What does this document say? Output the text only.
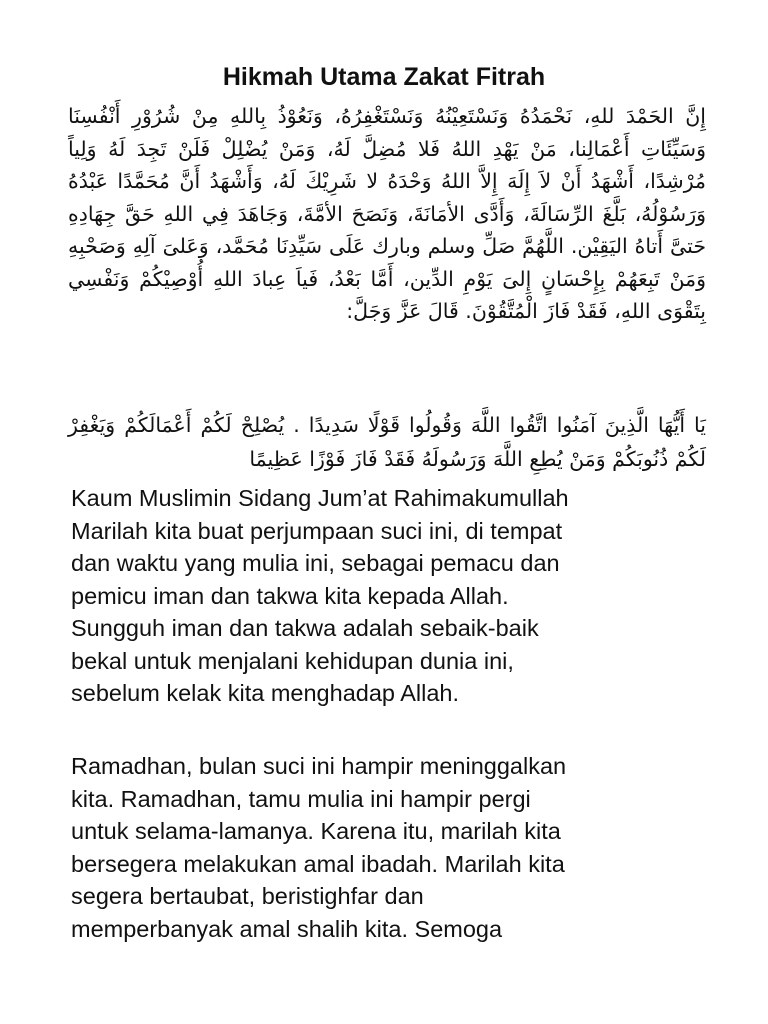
Hikmah Utama Zakat Fitrah

إِنَّ الحَمْدَ للهِ، نَحْمَدُهُ وَنَسْتَعِيْنُهُ وَنَسْتَغْفِرُهُ، وَنَعُوْذُ بِاللهِ مِنْ شُرُوْرِ أَنْفُسِنَا وَسَيِّئَاتِ أَعْمَالِنا، مَنْ يَهْدِ اللهُ فَلا مُضِلَّ لَهُ، وَمَنْ يُضْلِلْ فَلَنْ تَجِدَ لَهُ وَلِياً مُرْشِدًا، أَشْهَدُ أَنْ لاَ إِلَهَ إِلاَّ اللهُ وَحْدَهُ لا شَرِيْكَ لَهُ، وَأَشْهَدُ أَنَّ مُحَمَّدًا عَبْدُهُ وَرَسُوْلُهُ، بَلَّغَ الرِّسَالَةَ، وَأَدَّى الأمَانَةَ، وَنَصَحَ الأمَّةَ، وَجَاهَدَ فِي اللهِ حَقَّ جِهَادِهِ حَتىَّ أَتاهُ اليَقِيْن. اللَّهُمَّ صَلِّ وسلم وبارك عَلَى سَيِّدِنَا مُحَمَّد، وَعَلىَ آلِهِ وَصَحْبِهِ وَمَنْ تَبِعَهُمْ بِإِحْسَانٍ إِلىَ يَوْمِ الدِّين، أَمَّا بَعْدُ، فَياَ عِبادَ اللهِ أُوْصِيْكُمْ وَنَفْسِي بِتَقْوَى اللهِ، فَقَدْ فَازَ الْمُتَّقُوْنَ. قَالَ عَزَّ وَجَلَّ:

يَا أَيُّهَا الَّذِينَ آمَنُوا اتَّقُوا اللَّهَ وَقُولُوا قَوْلًا سَدِيدًا . يُصْلِحْ لَكُمْ أَعْمَالَكُمْ وَيَغْفِرْ لَكُمْ ذُنُوبَكُمْ وَمَنْ يُطِعِ اللَّهَ وَرَسُولَهُ فَقَدْ فَازَ فَوْزًا عَظِيمًا

Kaum Muslimin Sidang Jum’at Rahimakumullah
Marilah kita buat perjumpaan suci ini, di tempat
dan waktu yang mulia ini, sebagai pemacu dan
pemicu iman dan takwa kita kepada Allah.
Sungguh iman dan takwa adalah sebaik-baik
bekal untuk menjalani kehidupan dunia ini,
sebelum kelak kita menghadap Allah.

Ramadhan, bulan suci ini hampir meninggalkan
kita. Ramadhan, tamu mulia ini hampir pergi
untuk selama-lamanya. Karena itu, marilah kita
bersegera melakukan amal ibadah. Marilah kita
segera bertaubat, beristighfar dan
memperbanyak amal shalih kita. Semoga
